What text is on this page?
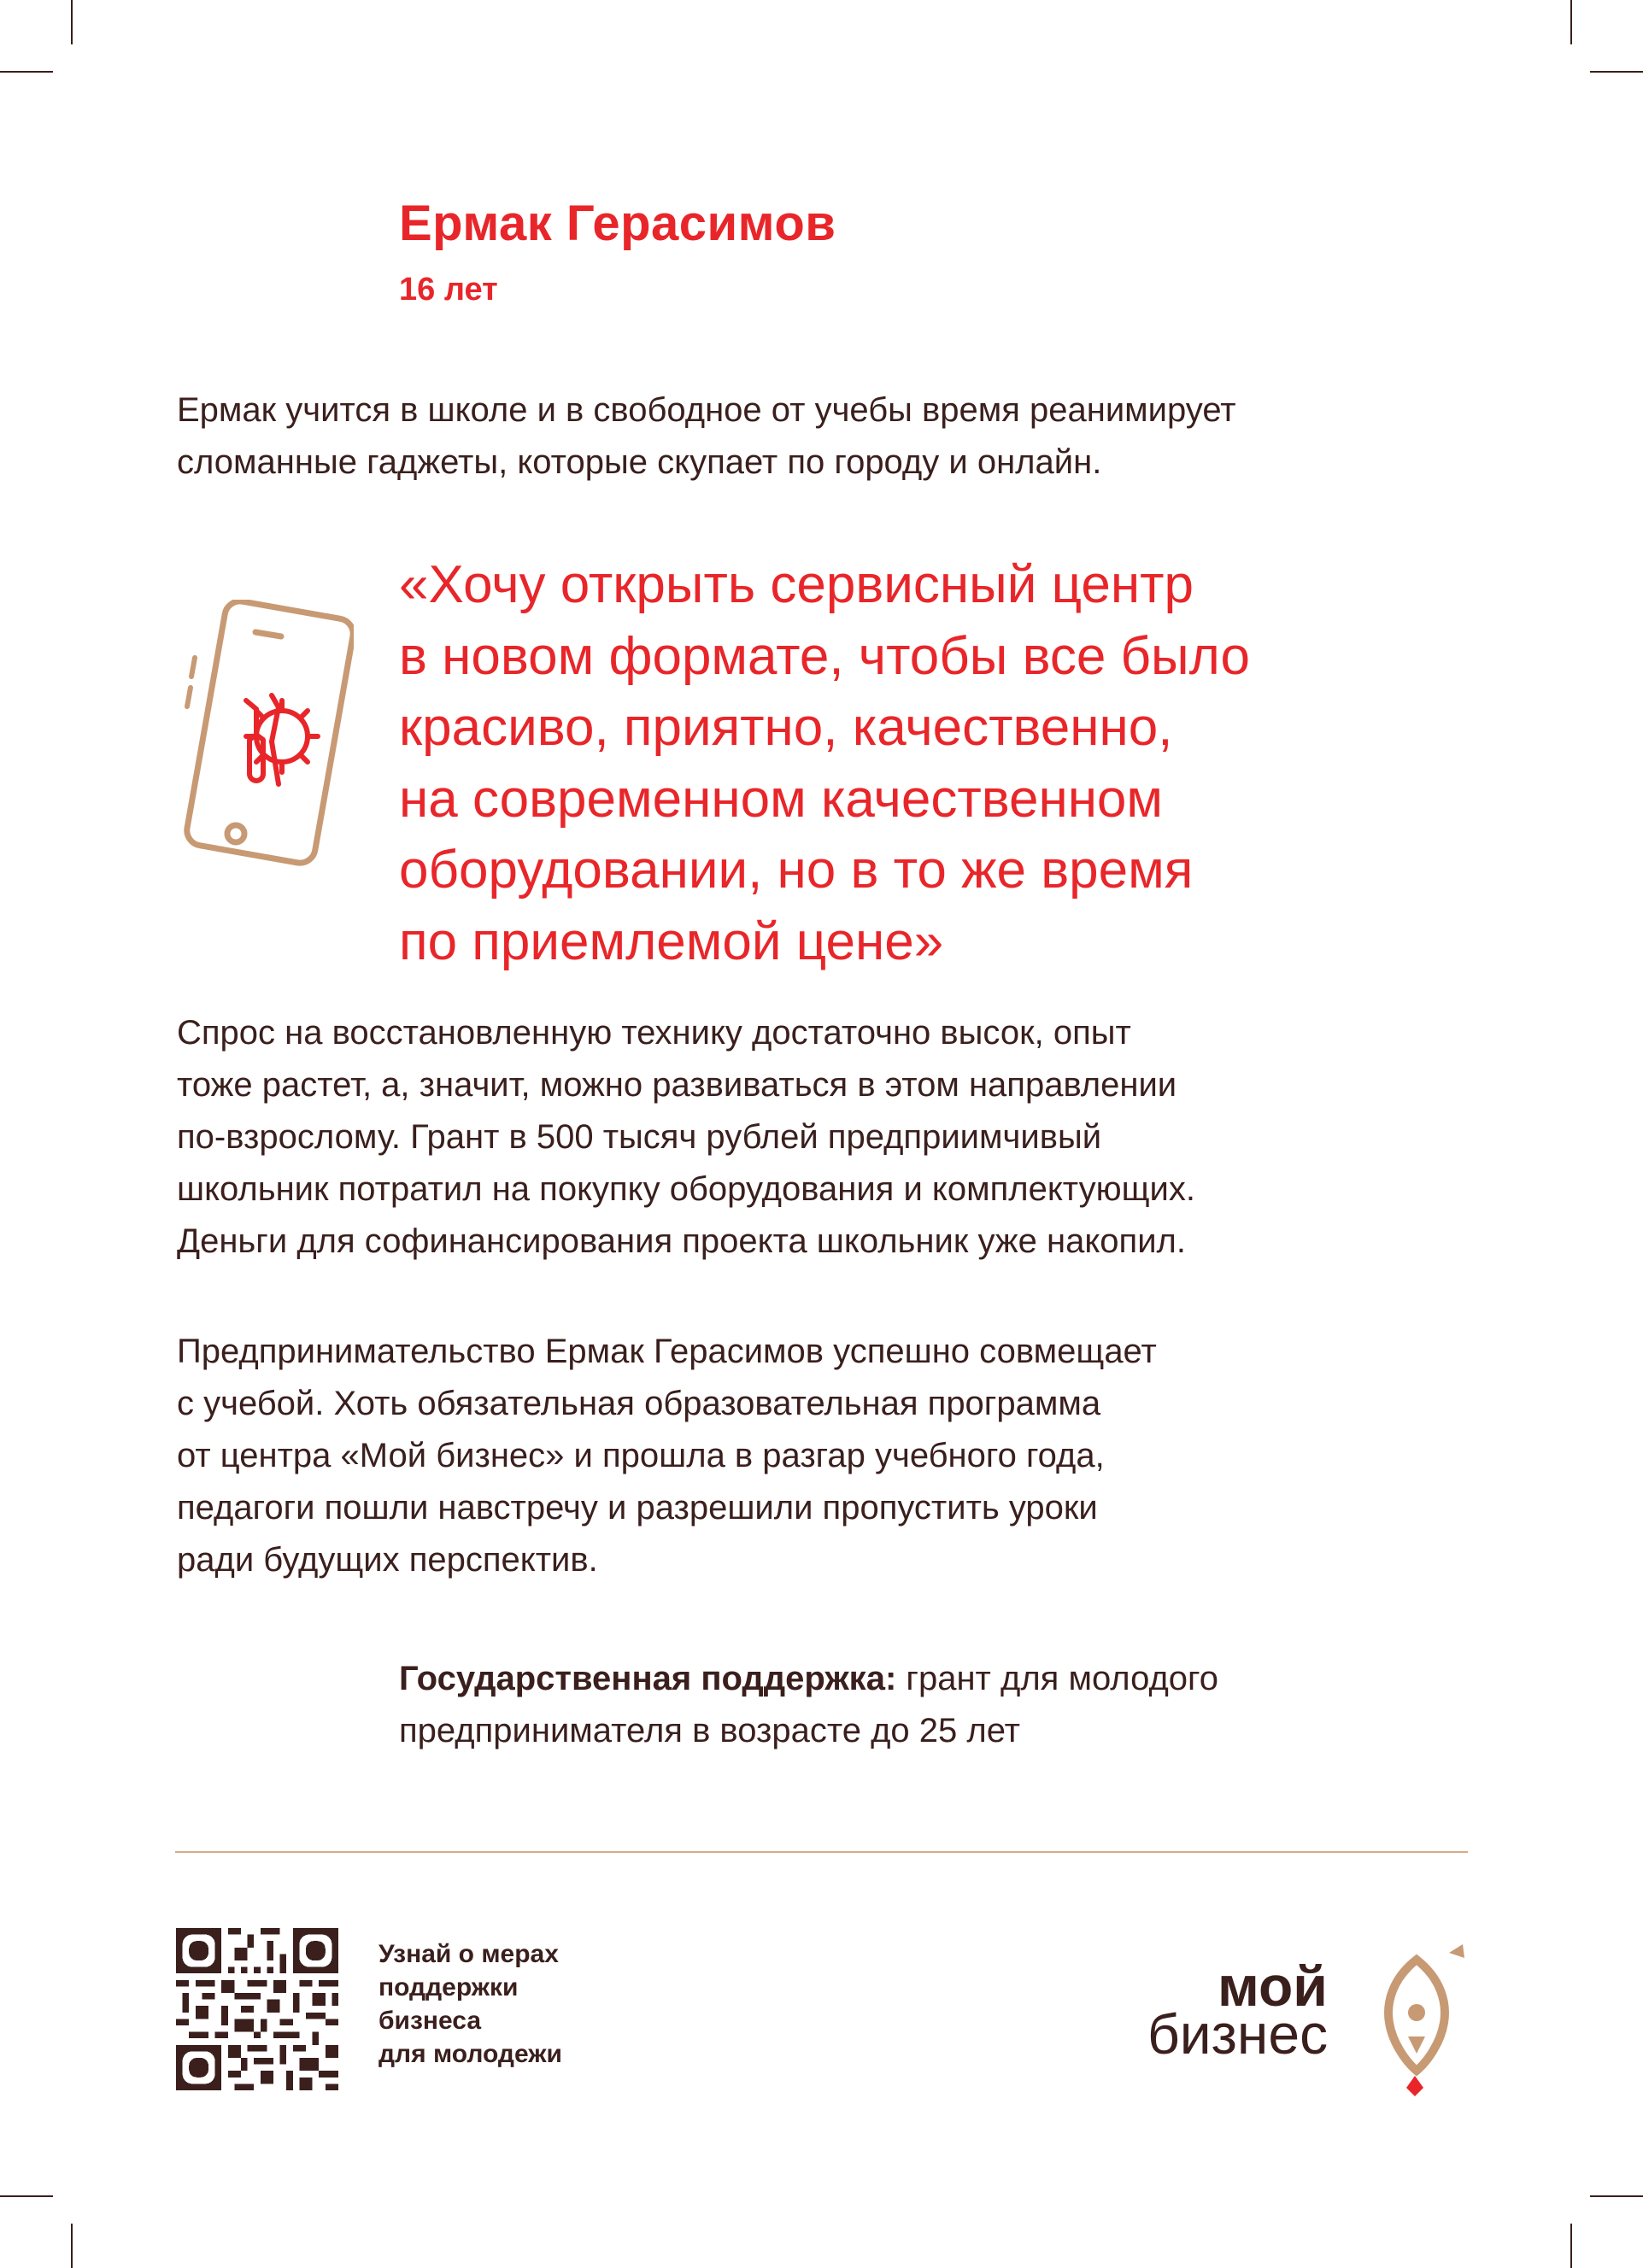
Ермак Герасимов
16 лет
Ермак учится в школе и в свободное от учебы время реанимирует
сломанные гаджеты, которые скупает по городу и онлайн.
«Хочу открыть сервисный центр
в новом формате, чтобы все было
красиво, приятно, качественно,
на современном качественном
оборудовании, но в то же время
по приемлемой цене»
Спрос на восстановленную технику достаточно высок, опыт
тоже растет, а, значит, можно развиваться в этом направлении
по-взрослому. Грант в 500 тысяч рублей предприимчивый
школьник потратил на покупку оборудования и комплектующих.
Деньги для софинансирования проекта школьник уже накопил.
Предпринимательство Ермак Герасимов успешно совмещает
с учебой. Хоть обязательная образовательная программа
от центра «Мой бизнес» и прошла в разгар учебного года,
педагоги пошли навстречу и разрешили пропустить уроки
ради будущих перспектив.
Государственная поддержка: грант для молодого
предпринимателя в возрасте до 25 лет
Узнай о мерах
поддержки
бизнеса
для молодежи
мой
бизнес
